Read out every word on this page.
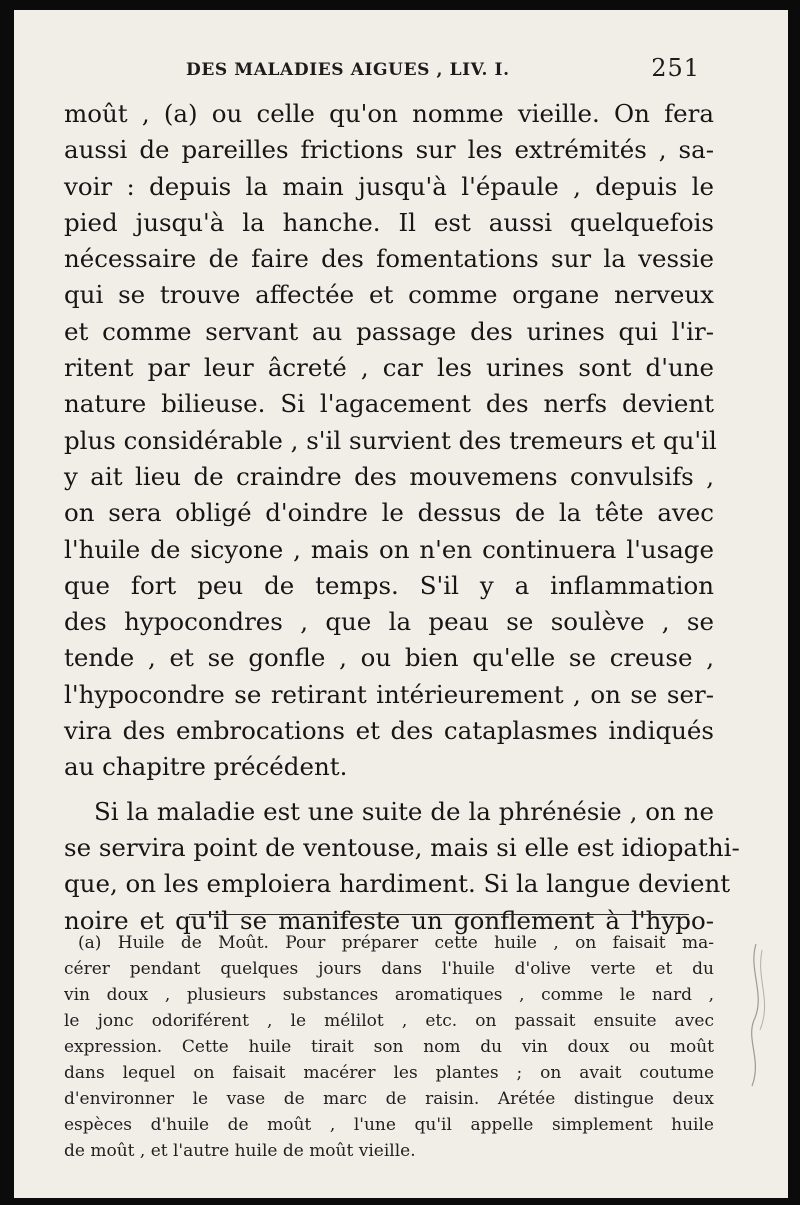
DES MALADIES AIGUES , LIV. I.	251
moût , (a) ou celle qu'on nomme vieille. On fera
aussi de pareilles frictions sur les extrémités , sa-
voir : depuis la main jusqu'à l'épaule , depuis le
pied jusqu'à la hanche. Il est aussi quelquefois
nécessaire de faire des fomentations sur la vessie
qui se trouve affectée et comme organe nerveux
et comme servant au passage des urines qui l'ir-
ritent par leur âcreté , car les urines sont d'une
nature bilieuse. Si l'agacement des nerfs devient
plus considérable , s'il survient des tremeurs et qu'il
y ait lieu de craindre des mouvemens convulsifs ,
on sera obligé d'oindre le dessus de la tête avec
l'huile de sicyone , mais on n'en continuera l'usage
que fort peu de temps. S'il y a inflammation
des hypocondres , que la peau se soulève , se
tende , et se gonfle , ou bien qu'elle se creuse ,
l'hypocondre se retirant intérieurement , on se ser-
vira des embrocations et des cataplasmes indiqués
au chapitre précédent.
Si la maladie est une suite de la phrénésie , on ne
se servira point de ventouse, mais si elle est idiopathi-
que, on les emploiera hardiment. Si la langue devient
noire et qu'il se manifeste un gonflement à l'hypo-
(a) Huile de Moût. Pour préparer cette huile , on faisait ma-
cérer pendant quelques jours dans l'huile d'olive verte et du
vin doux , plusieurs substances aromatiques , comme le nard ,
le jonc odoriférent , le mélilot , etc. on passait ensuite avec
expression. Cette huile tirait son nom du vin doux ou moût
dans lequel on faisait macérer les plantes ; on avait coutume
d'environner le vase de marc de raisin. Arétée distingue deux
espèces d'huile de moût , l'une qu'il appelle simplement huile
de moût , et l'autre huile de moût vieille.
